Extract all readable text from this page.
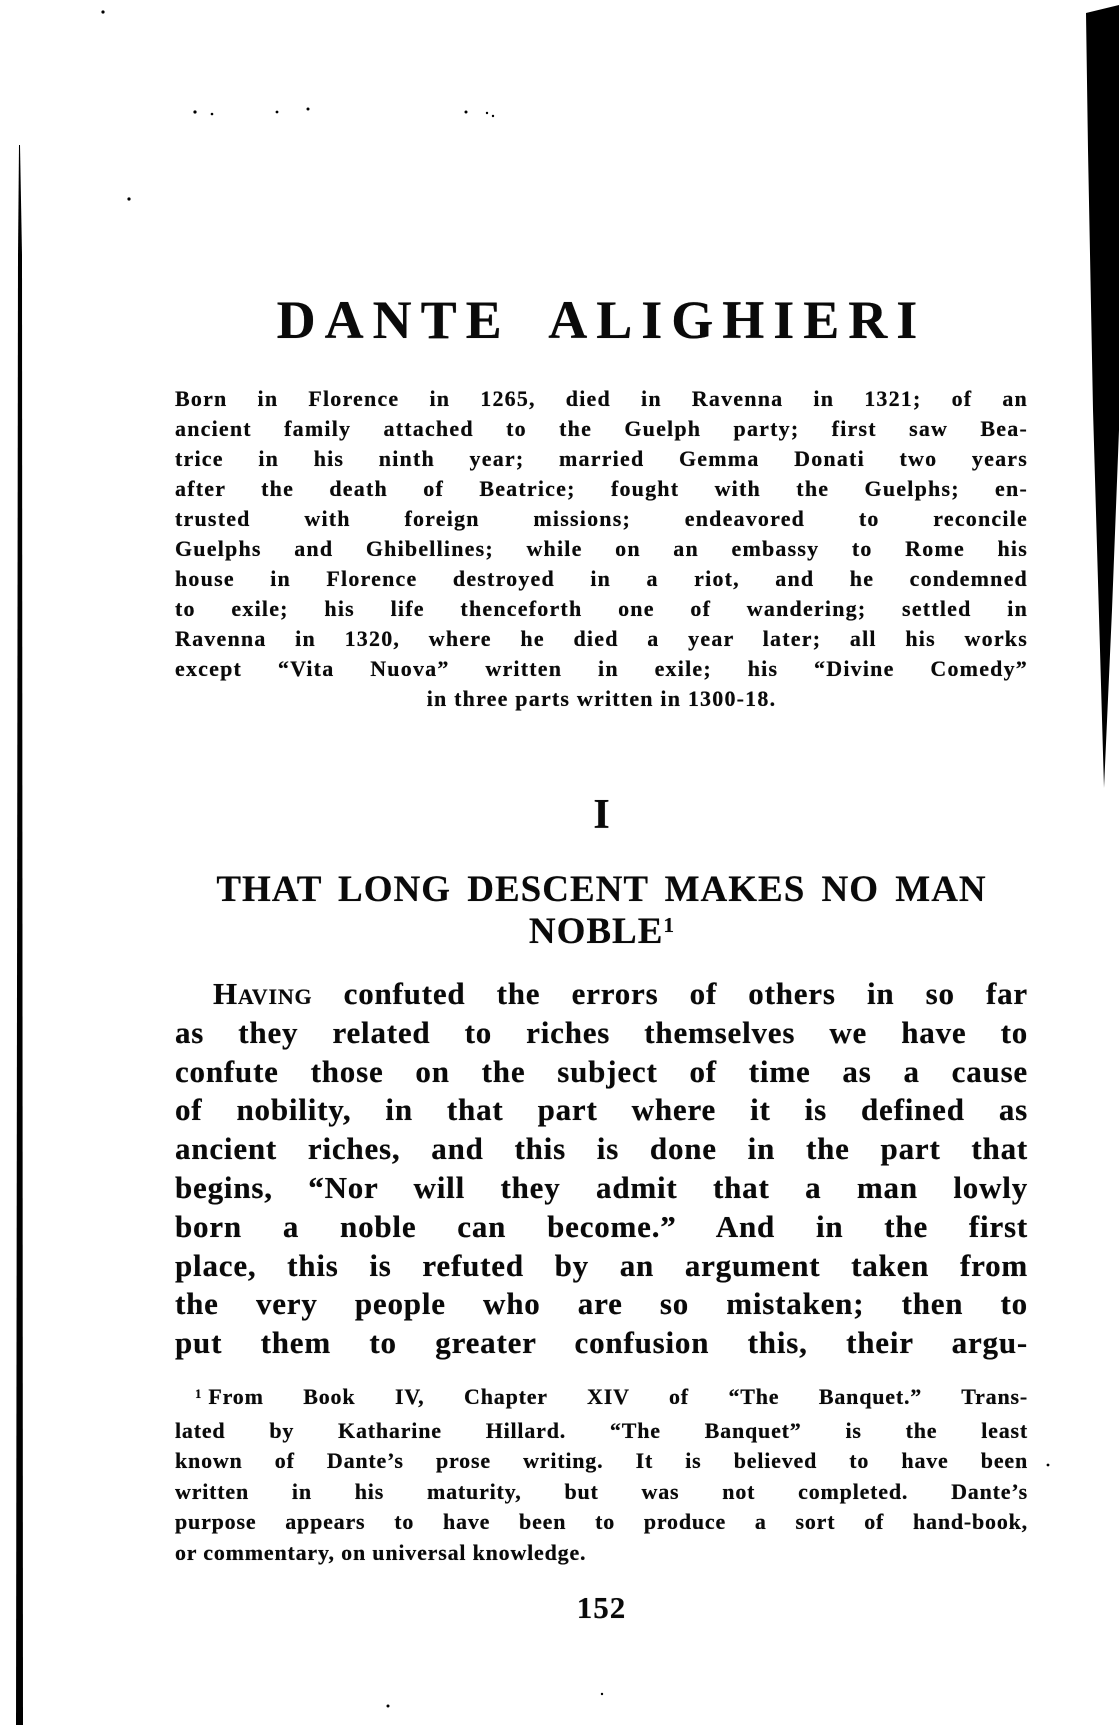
DANTE ALIGHIERI
Born in Florence in 1265, died in Ravenna in 1321; of an
ancient family attached to the Guelph party; first saw Bea-
trice in his ninth year; married Gemma Donati two years
after the death of Beatrice; fought with the Guelphs; en-
trusted with foreign missions; endeavored to reconcile
Guelphs and Ghibellines; while on an embassy to Rome his
house in Florence destroyed in a riot, and he condemned
to exile; his life thenceforth one of wandering; settled in
Ravenna in 1320, where he died a year later; all his works
except “Vita Nuova” written in exile; his “Divine Comedy”
in three parts written in 1300-18.
I
THAT LONG DESCENT MAKES NO MAN
NOBLE$^1$
Having confuted the errors of others in so far
as they related to riches themselves we have to
confute those on the subject of time as a cause
of nobility, in that part where it is defined as
ancient riches, and this is done in the part that
begins, “Nor will they admit that a man lowly
born a noble can become.” And in the first
place, this is refuted by an argument taken from
the very people who are so mistaken; then to
put them to greater confusion this, their argu-
$^1$ From Book IV, Chapter XIV of “The Banquet.” Trans-
lated by Katharine Hillard. “The Banquet” is the least
known of Dante’s prose writing. It is believed to have been
written in his maturity, but was not completed. Dante’s
purpose appears to have been to produce a sort of hand-book,
or commentary, on universal knowledge.
152
